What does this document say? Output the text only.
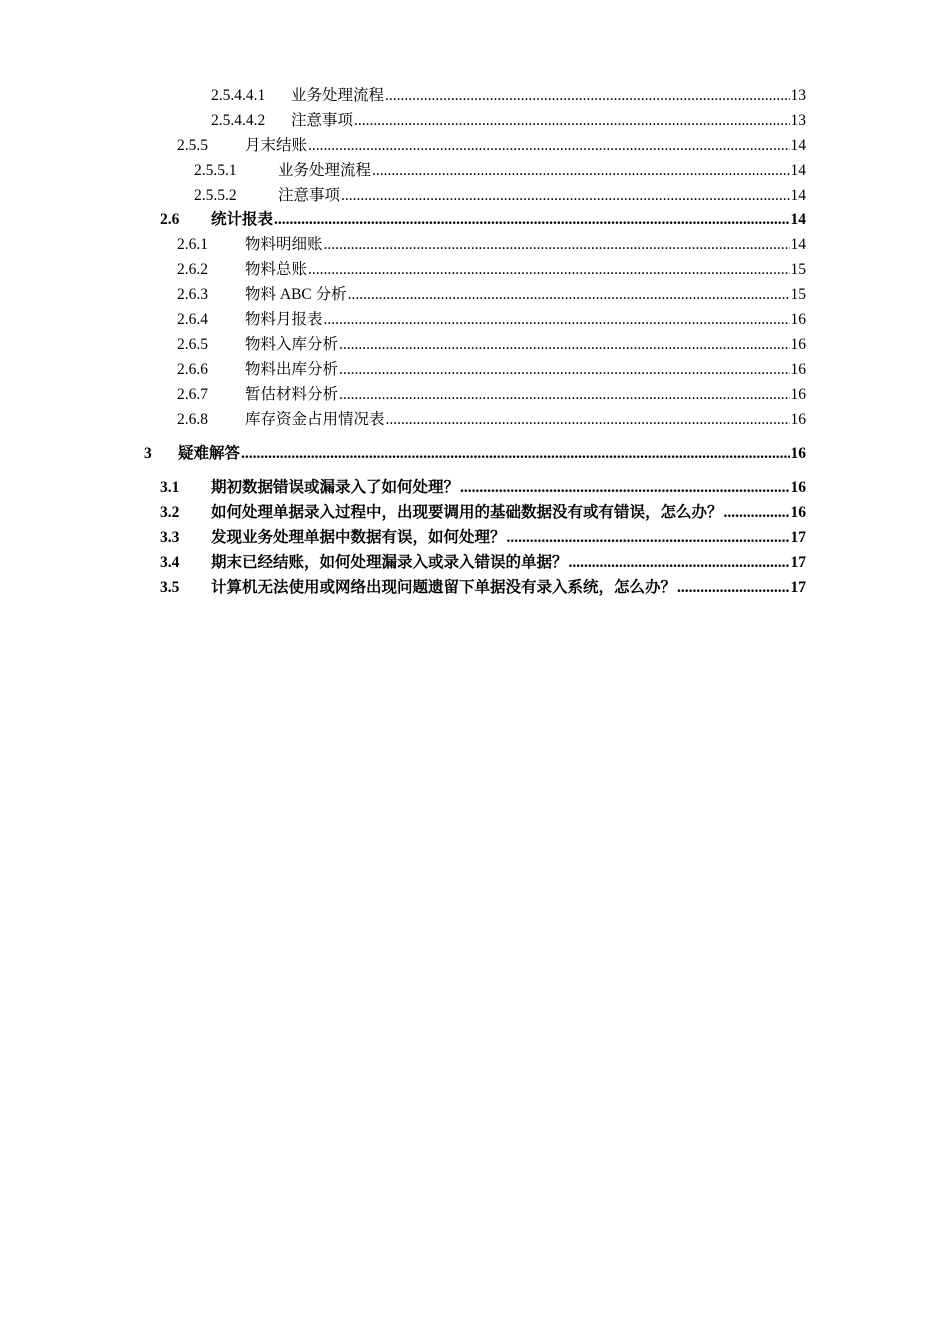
2.5.4.4.1	业务处理流程 .....	13
2.5.4.4.2	注意事项 .....	13
2.5.5	月末结账 .....	14
2.5.5.1	业务处理流程 .....	14
2.5.5.2	注意事项 .....	14
2.6	统计报表 .....	14
2.6.1	物料明细账 .....	14
2.6.2	物料总账 .....	15
2.6.3	物料 ABC 分析 .....	15
2.6.4	物料月报表 .....	16
2.6.5	物料入库分析 .....	16
2.6.6	物料出库分析 .....	16
2.6.7	暂估材料分析 .....	16
2.6.8	库存资金占用情况表 .....	16
3	疑难解答 .....	16
3.1	期初数据错误或漏录入了如何处理？ .....	16
3.2	如何处理单据录入过程中，出现要调用的基础数据没有或有错误，怎么办？ .....	16
3.3	发现业务处理单据中数据有误，如何处理？ .....	17
3.4	期末已经结账，如何处理漏录入或录入错误的单据？ .....	17
3.5	计算机无法使用或网络出现问题遗留下单据没有录入系统，怎么办？ .....	17
